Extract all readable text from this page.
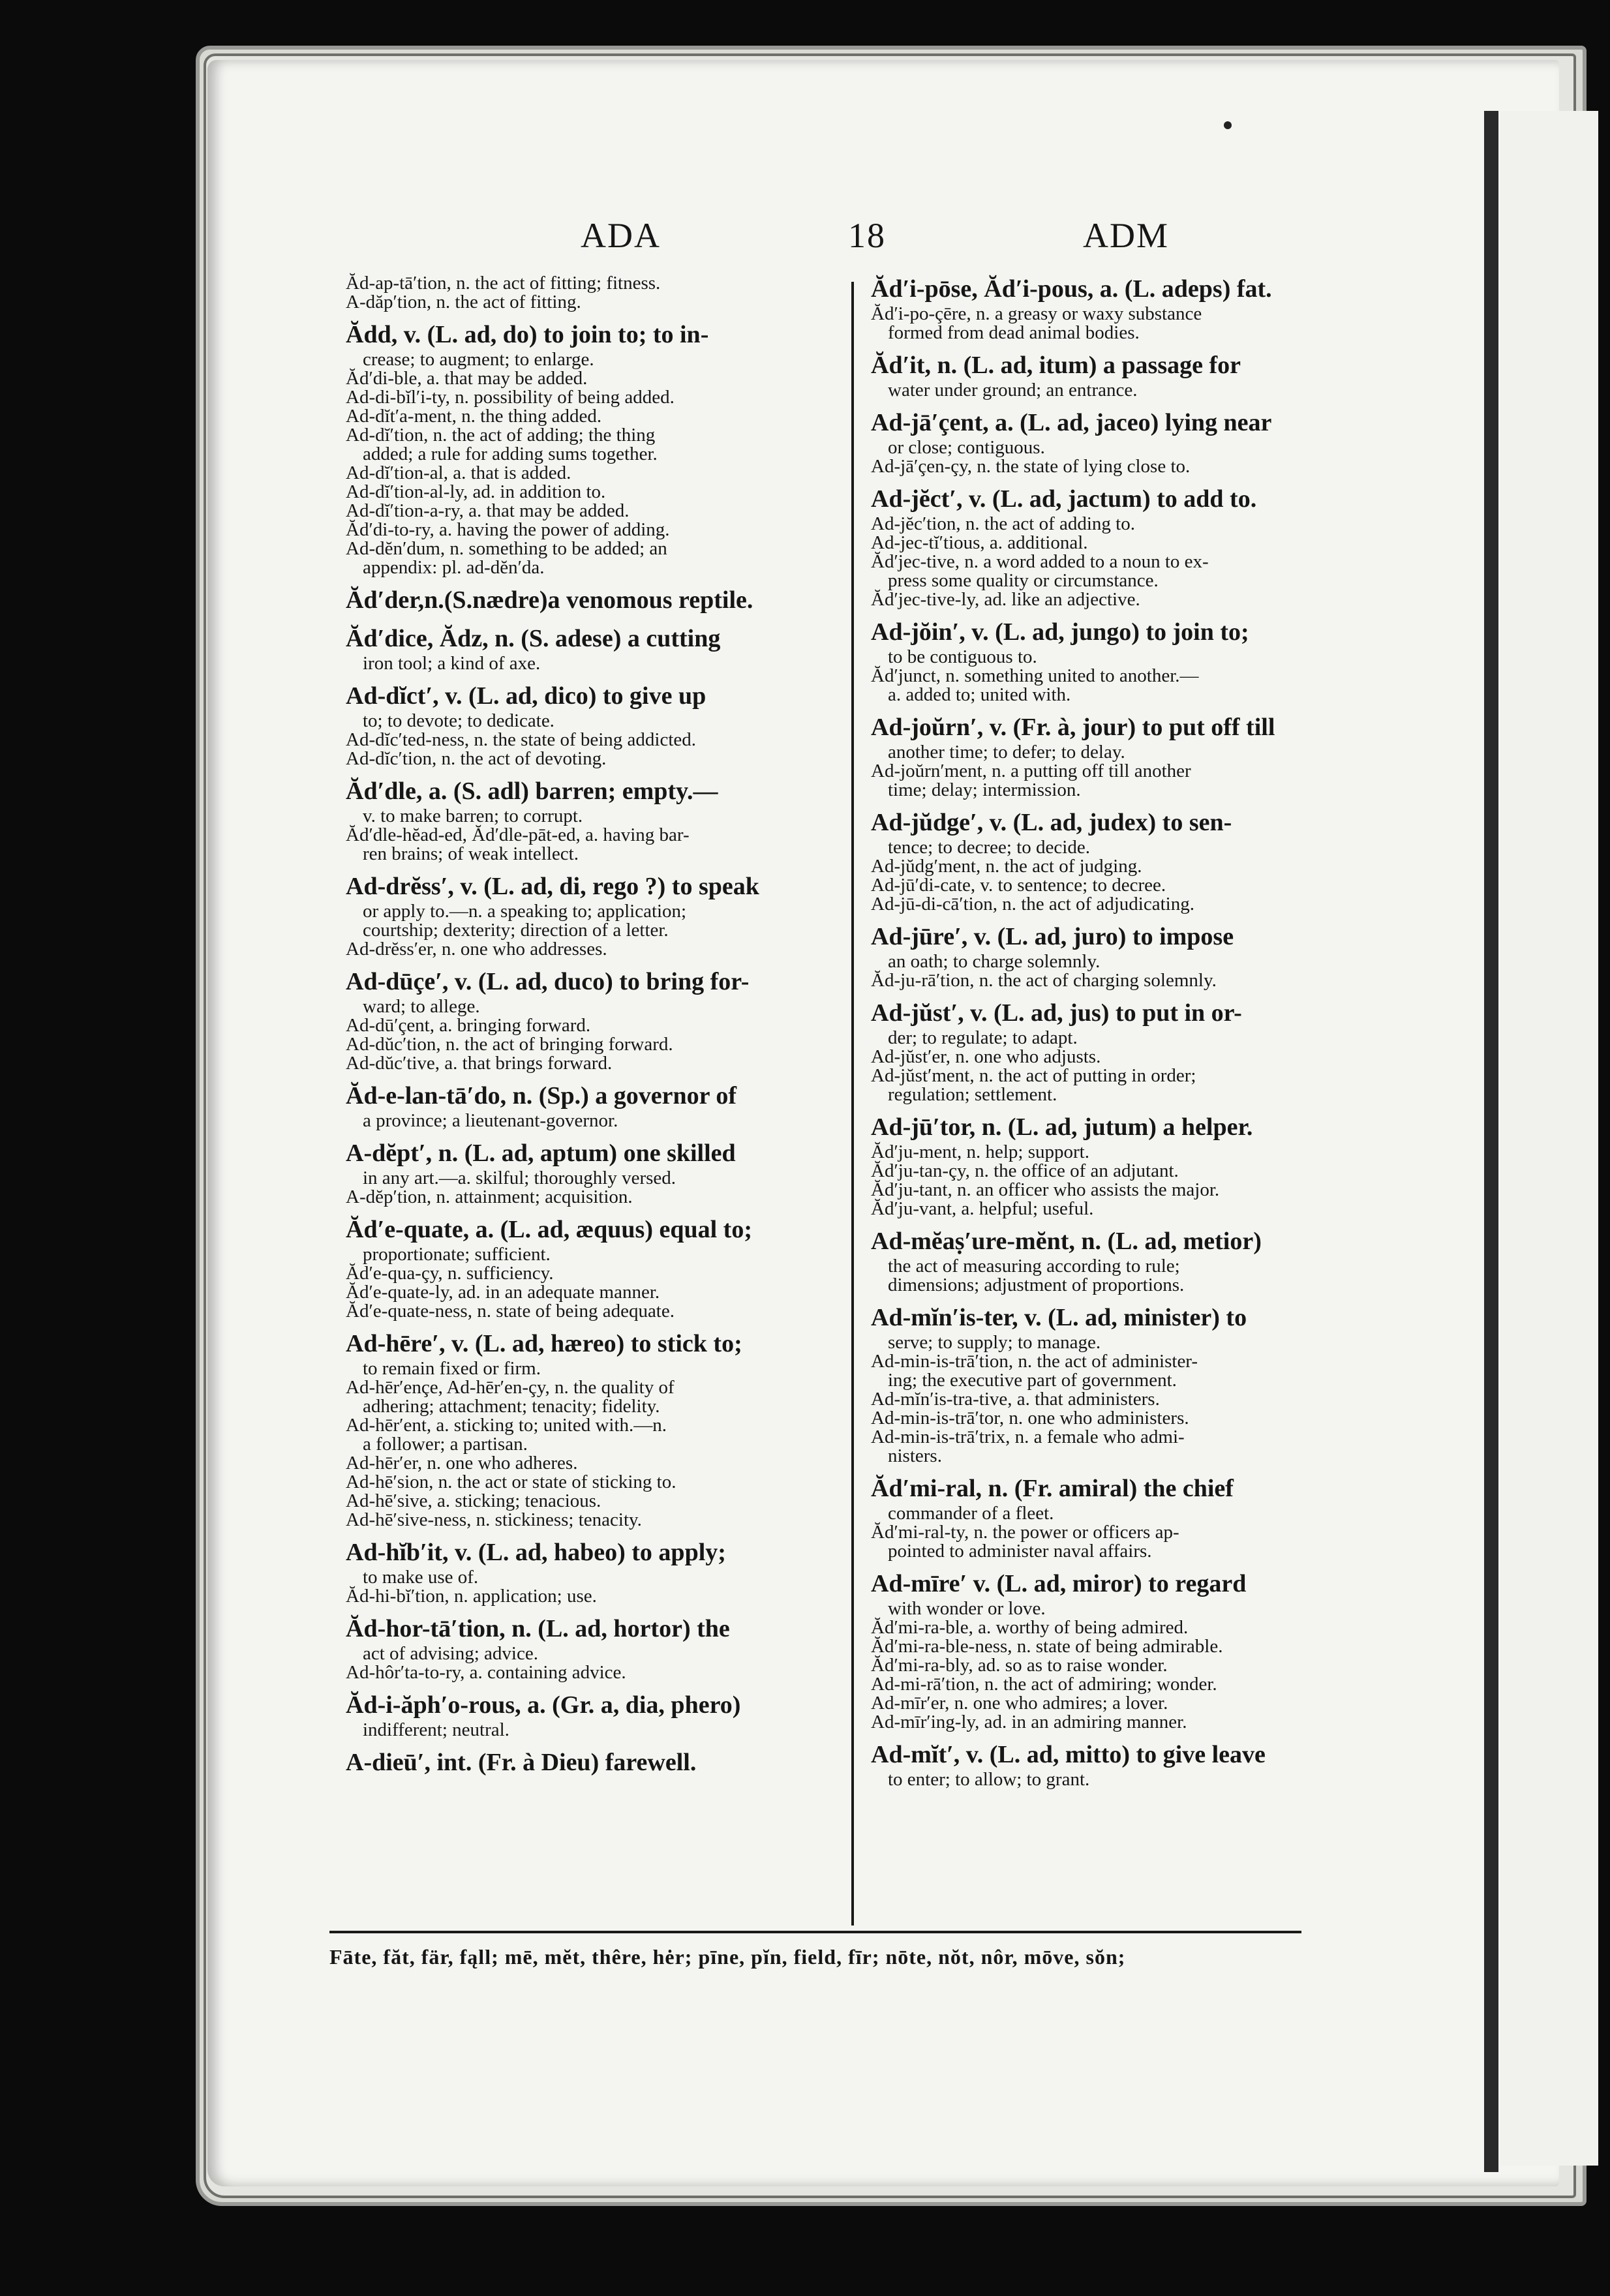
ADA	18	ADM
Ăd-ap-tā′tion, n. the act of fitting; fitness.
A-dăp′tion, n. the act of fitting.
Ădd, v. (L. ad, do) to join to; to in-
crease; to augment; to enlarge.
Ăd′di-ble, a. that may be added.
Ad-di-bĭl′i-ty, n. possibility of being added.
Ad-dĭt′a-ment, n. the thing added.
Ad-dĭ′tion, n. the act of adding; the thing
added; a rule for adding sums together.
Ad-dĭ′tion-al, a. that is added.
Ad-dĭ′tion-al-ly, ad. in addition to.
Ad-dĭ′tion-a-ry, a. that may be added.
Ăd′di-to-ry, a. having the power of adding.
Ad-dĕn′dum, n. something to be added; an
appendix: pl. ad-dĕn′da.
Ăd′der,n.(S.nædre)a venomous reptile.
Ăd′dice, Ădz, n. (S. adese) a cutting
iron tool; a kind of axe.
Ad-dĭct′, v. (L. ad, dico) to give up
to; to devote; to dedicate.
Ad-dĭc′ted-ness, n. the state of being addicted.
Ad-dĭc′tion, n. the act of devoting.
Ăd′dle, a. (S. adl) barren; empty.—
v. to make barren; to corrupt.
Ăd′dle-hĕad-ed, Ăd′dle-pāt-ed, a. having bar-
ren brains; of weak intellect.
Ad-drĕss′, v. (L. ad, di, rego ?) to speak
or apply to.—n. a speaking to; application;
courtship; dexterity; direction of a letter.
Ad-drĕss′er, n. one who addresses.
Ad-dūçe′, v. (L. ad, duco) to bring for-
ward; to allege.
Ad-dū′çent, a. bringing forward.
Ad-dŭc′tion, n. the act of bringing forward.
Ad-dŭc′tive, a. that brings forward.
Ăd-e-lan-tā′do, n. (Sp.) a governor of
a province; a lieutenant-governor.
A-dĕpt′, n. (L. ad, aptum) one skilled
in any art.—a. skilful; thoroughly versed.
A-dĕp′tion, n. attainment; acquisition.
Ăd′e-quate, a. (L. ad, æquus) equal to;
proportionate; sufficient.
Ăd′e-qua-çy, n. sufficiency.
Ăd′e-quate-ly, ad. in an adequate manner.
Ăd′e-quate-ness, n. state of being adequate.
Ad-hēre′, v. (L. ad, hæreo) to stick to;
to remain fixed or firm.
Ad-hēr′ençe, Ad-hēr′en-çy, n. the quality of
adhering; attachment; tenacity; fidelity.
Ad-hēr′ent, a. sticking to; united with.—n.
a follower; a partisan.
Ad-hēr′er, n. one who adheres.
Ad-hē′sion, n. the act or state of sticking to.
Ad-hē′sive, a. sticking; tenacious.
Ad-hē′sive-ness, n. stickiness; tenacity.
Ad-hĭb′it, v. (L. ad, habeo) to apply;
to make use of.
Ăd-hi-bĭ′tion, n. application; use.
Ăd-hor-tā′tion, n. (L. ad, hortor) the
act of advising; advice.
Ad-hôr′ta-to-ry, a. containing advice.
Ăd-i-ăph′o-rous, a. (Gr. a, dia, phero)
indifferent; neutral.
A-dieū′, int. (Fr. à Dieu) farewell.
Ăd′i-pōse, Ăd′i-pous, a. (L. adeps) fat.
Ăd′i-po-çēre, n. a greasy or waxy substance
formed from dead animal bodies.
Ăd′it, n. (L. ad, itum) a passage for
water under ground; an entrance.
Ad-jā′çent, a. (L. ad, jaceo) lying near
or close; contiguous.
Ad-jā′çen-çy, n. the state of lying close to.
Ad-jĕct′, v. (L. ad, jactum) to add to.
Ad-jĕc′tion, n. the act of adding to.
Ad-jec-tĭ′tious, a. additional.
Ăd′jec-tive, n. a word added to a noun to ex-
press some quality or circumstance.
Ăd′jec-tive-ly, ad. like an adjective.
Ad-jŏin′, v. (L. ad, jungo) to join to;
to be contiguous to.
Ăd′junct, n. something united to another.—
a. added to; united with.
Ad-joŭrn′, v. (Fr. à, jour) to put off till
another time; to defer; to delay.
Ad-joŭrn′ment, n. a putting off till another
time; delay; intermission.
Ad-jŭdge′, v. (L. ad, judex) to sen-
tence; to decree; to decide.
Ad-jŭdg′ment, n. the act of judging.
Ad-jū′di-cate, v. to sentence; to decree.
Ad-jū-di-cā′tion, n. the act of adjudicating.
Ad-jūre′, v. (L. ad, juro) to impose
an oath; to charge solemnly.
Ăd-ju-rā′tion, n. the act of charging solemnly.
Ad-jŭst′, v. (L. ad, jus) to put in or-
der; to regulate; to adapt.
Ad-jŭst′er, n. one who adjusts.
Ad-jŭst′ment, n. the act of putting in order;
regulation; settlement.
Ad-jū′tor, n. (L. ad, jutum) a helper.
Ăd′ju-ment, n. help; support.
Ăd′ju-tan-çy, n. the office of an adjutant.
Ăd′ju-tant, n. an officer who assists the major.
Ăd′ju-vant, a. helpful; useful.
Ad-mĕaṣ′ure-mĕnt, n. (L. ad, metior)
the act of measuring according to rule;
dimensions; adjustment of proportions.
Ad-mĭn′is-ter, v. (L. ad, minister) to
serve; to supply; to manage.
Ad-min-is-trā′tion, n. the act of administer-
ing; the executive part of government.
Ad-mĭn′is-tra-tive, a. that administers.
Ad-min-is-trā′tor, n. one who administers.
Ad-min-is-trā′trix, n. a female who admi-
nisters.
Ăd′mi-ral, n. (Fr. amiral) the chief
commander of a fleet.
Ăd′mi-ral-ty, n. the power or officers ap-
pointed to administer naval affairs.
Ad-mīre′ v. (L. ad, miror) to regard
with wonder or love.
Ăd′mi-ra-ble, a. worthy of being admired.
Ăd′mi-ra-ble-ness, n. state of being admirable.
Ăd′mi-ra-bly, ad. so as to raise wonder.
Ad-mi-rā′tion, n. the act of admiring; wonder.
Ad-mīr′er, n. one who admires; a lover.
Ad-mīr′ing-ly, ad. in an admiring manner.
Ad-mĭt′, v. (L. ad, mitto) to give leave
to enter; to allow; to grant.
Fāte, făt, fär, fąll; mē, mĕt, thêre, hėr; pīne, pĭn, field, fīr; nōte, nŏt, nôr, mōve, sŏn;
